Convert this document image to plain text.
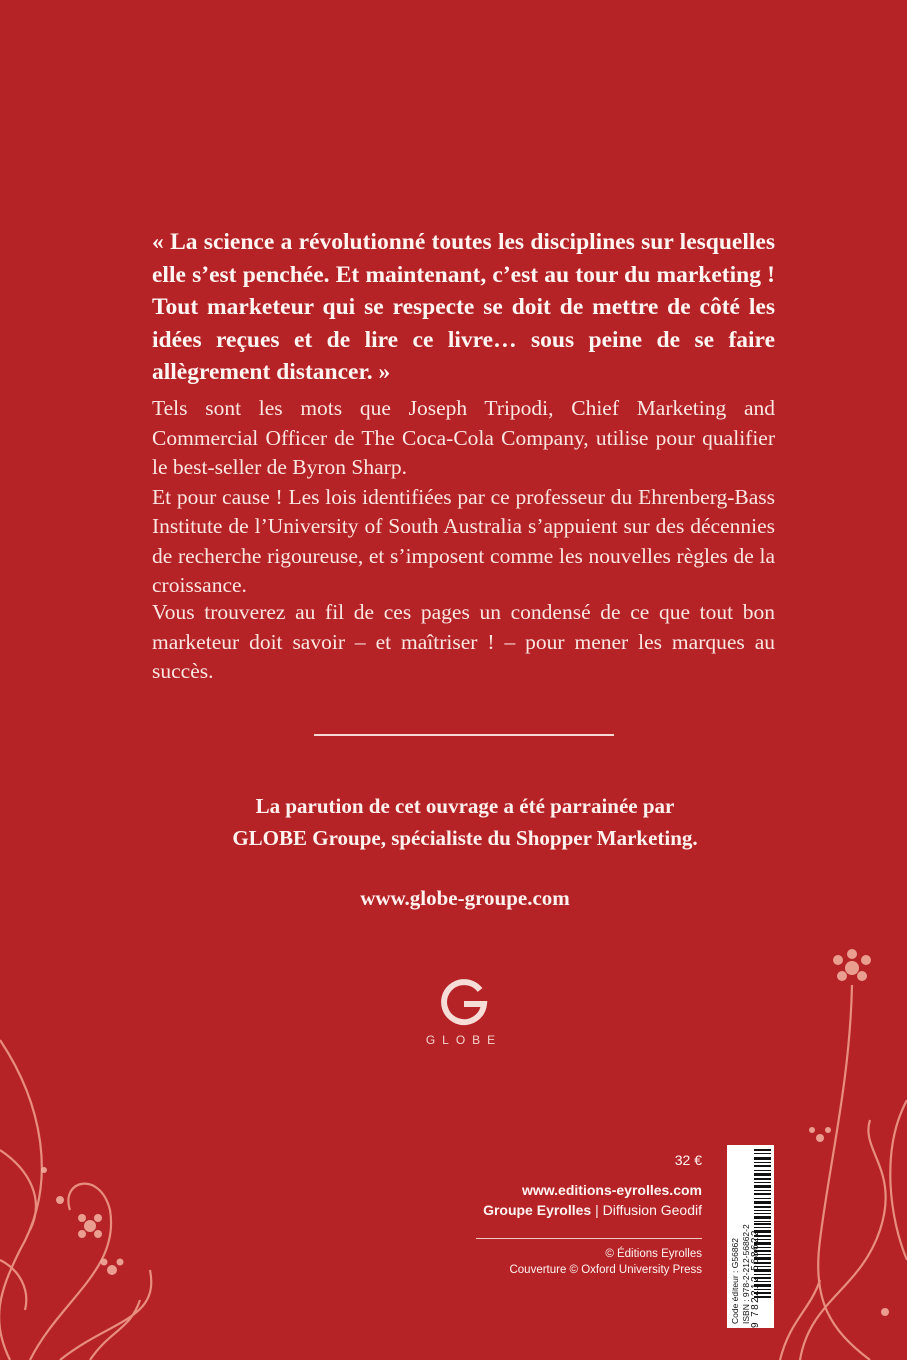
« La science a révolutionné toutes les disciplines sur lesquelles elle s’est penchée. Et maintenant, c’est au tour du marketing ! Tout marketeur qui se respecte se doit de mettre de côté les idées reçues et de lire ce livre… sous peine de se faire allègrement distancer. »

Tels sont les mots que Joseph Tripodi, Chief Marketing and Commercial Officer de The Coca-Cola Company, utilise pour qualifier le best-seller de Byron Sharp.

Et pour cause ! Les lois identifiées par ce professeur du Ehrenberg-Bass Institute de l’University of South Australia s’appuient sur des décennies de recherche rigoureuse, et s’imposent comme les nouvelles règles de la croissance.

Vous trouverez au fil de ces pages un condensé de ce que tout bon marketeur doit savoir – et maîtriser ! – pour mener les marques au succès.

La parution de cet ouvrage a été parrainée par
GLOBE Groupe, spécialiste du Shopper Marketing.
www.globe-groupe.com
GLOBE
32 €
www.editions-eyrolles.com
Groupe Eyrolles | Diffusion Geodif
© Éditions Eyrolles
Couverture © Oxford University Press	Code éditeur : G56862 ISBN : 978-2-212-56862-2 9 782212 568622
